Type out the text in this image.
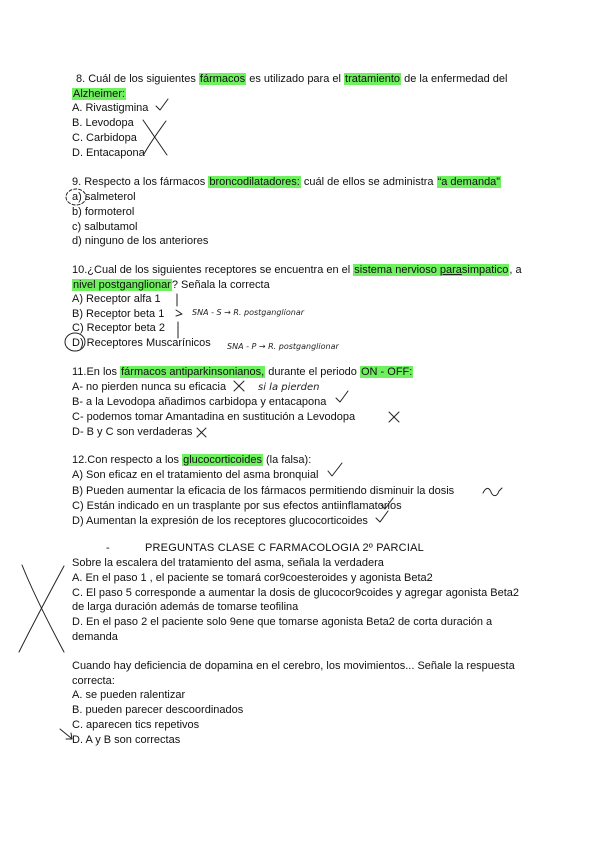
8. Cuál de los siguientes fármacos es utilizado para el tratamiento de la enfermedad del
Alzheimer:
A. Rivastigmina
B. Levodopa
C. Carbidopa
D. Entacapona
9. Respecto a los fármacos broncodilatadores: cuál de ellos se administra “a demanda”
a) salmeterol
b) formoterol
c) salbutamol
d) ninguno de los anteriores
10.¿Cual de los siguientes receptores se encuentra en el sistema nervioso parasimpatico, a
nivel postganglionar? Señala la correcta
A) Receptor alfa 1
B) Receptor beta 1
C) Receptor beta 2
D) Receptores Muscarínicos
SNA - S → R. postganglionar
SNA - P → R. postganglionar
11.En los fármacos antiparkinsonianos, durante el periodo ON - OFF:
A- no pierden nunca su eficacia	si la pierden
B- a la Levodopa añadimos carbidopa y entacapona
C- podemos tomar Amantadina en sustitución a Levodopa
D- B y C son verdaderas
12.Con respecto a los glucocorticoides (la falsa):
A) Son eficaz en el tratamiento del asma bronquial
B) Pueden aumentar la eficacia de los fármacos permitiendo disminuir la dosis
C) Están indicado en un trasplante por sus efectos antiinflamatorios
D) Aumentan la expresión de los receptores glucocorticoides
-	PREGUNTAS CLASE C FARMACOLOGIA 2º PARCIAL
Sobre la escalera del tratamiento del asma, señala la verdadera
A. En el paso 1 , el paciente se tomará cor9coesteroides y agonista Beta2
C. El paso 5 corresponde a aumentar la dosis de glucocor9coides y agregar agonista Beta2
de larga duración además de tomarse teofilina
D. En el paso 2 el paciente solo 9ene que tomarse agonista Beta2 de corta duración a
demanda
Cuando hay deficiencia de dopamina en el cerebro, los movimientos... Señale la respuesta
correcta:
A. se pueden ralentizar
B. pueden parecer descoordinados
C. aparecen tics repetivos
D. A y B son correctas
